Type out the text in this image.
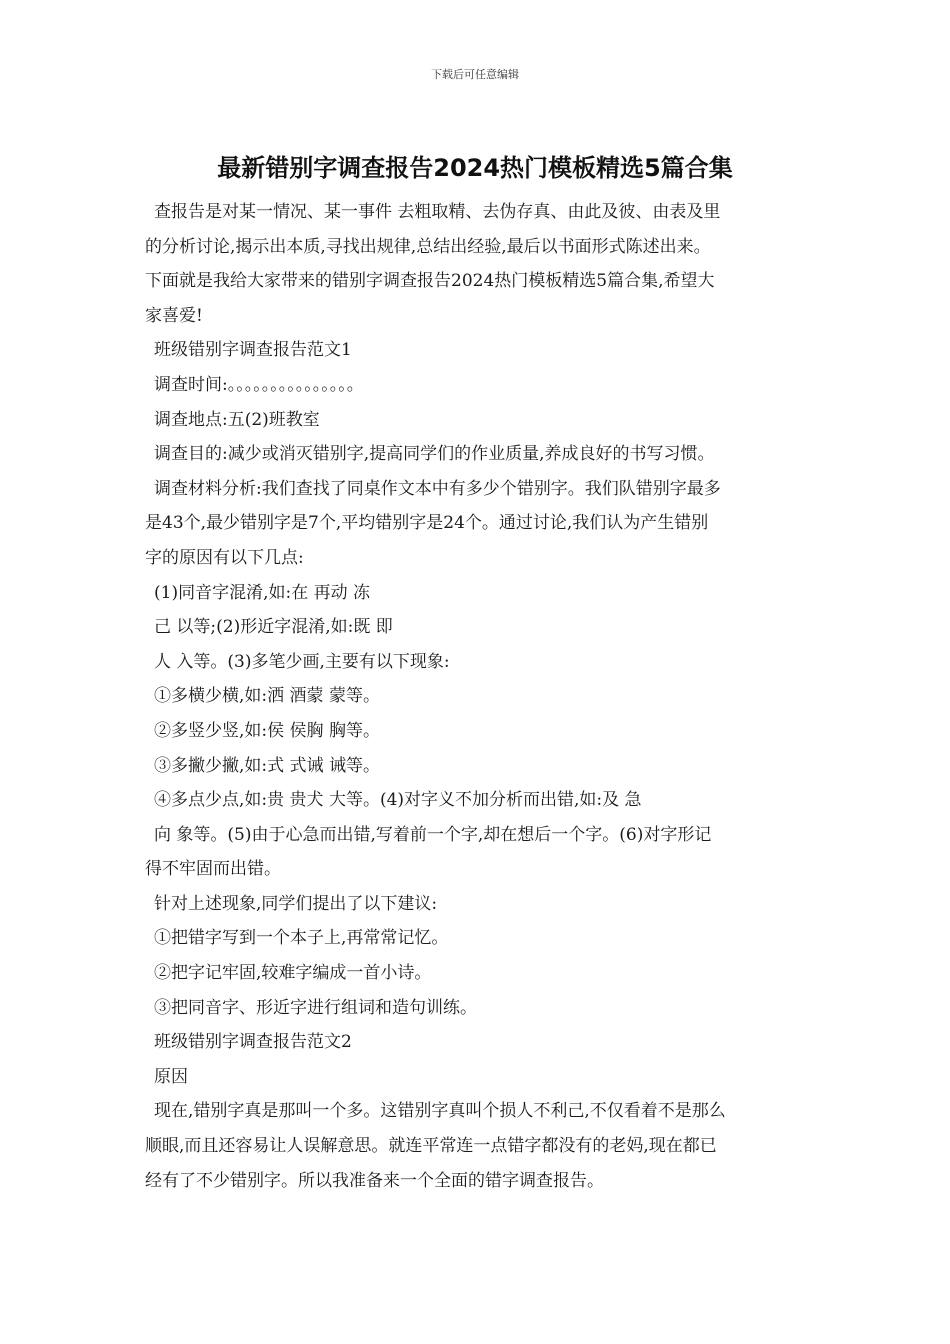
下载后可任意编辑
最新错别字调查报告2024热门模板精选5篇合集
查报告是对某一情况、某一事件 去粗取精、去伪存真、由此及彼、由表及里
的分析讨论,揭示出本质,寻找出规律,总结出经验,最后以书面形式陈述出来。
下面就是我给大家带来的错别字调查报告2024热门模板精选5篇合集,希望大
家喜爱!
班级错别字调查报告范文1
调查时间:。。。。。。。。。。。。。。。
调查地点:五(2)班教室
调查目的:减少或消灭错别字,提高同学们的作业质量,养成良好的书写习惯。
调查材料分析:我们查找了同桌作文本中有多少个错别字。我们队错别字最多
是43个,最少错别字是7个,平均错别字是24个。通过讨论,我们认为产生错别
字的原因有以下几点:
(1)同音字混淆,如:在 再动 冻
己 以等;(2)形近字混淆,如:既 即
人 入等。(3)多笔少画,主要有以下现象:
①多横少横,如:洒 酒蒙 蒙等。
②多竖少竖,如:侯 侯胸 胸等。
③多撇少撇,如:式 式诫 诫等。
④多点少点,如:贵 贵犬 大等。(4)对字义不加分析而出错,如:及 急
向 象等。(5)由于心急而出错,写着前一个字,却在想后一个字。(6)对字形记
得不牢固而出错。
针对上述现象,同学们提出了以下建议:
①把错字写到一个本子上,再常常记忆。
②把字记牢固,较难字编成一首小诗。
③把同音字、形近字进行组词和造句训练。
班级错别字调查报告范文2
原因
现在,错别字真是那叫一个多。这错别字真叫个损人不利己,不仅看着不是那么
顺眼,而且还容易让人误解意思。就连平常连一点错字都没有的老妈,现在都已
经有了不少错别字。所以我准备来一个全面的错字调查报告。
